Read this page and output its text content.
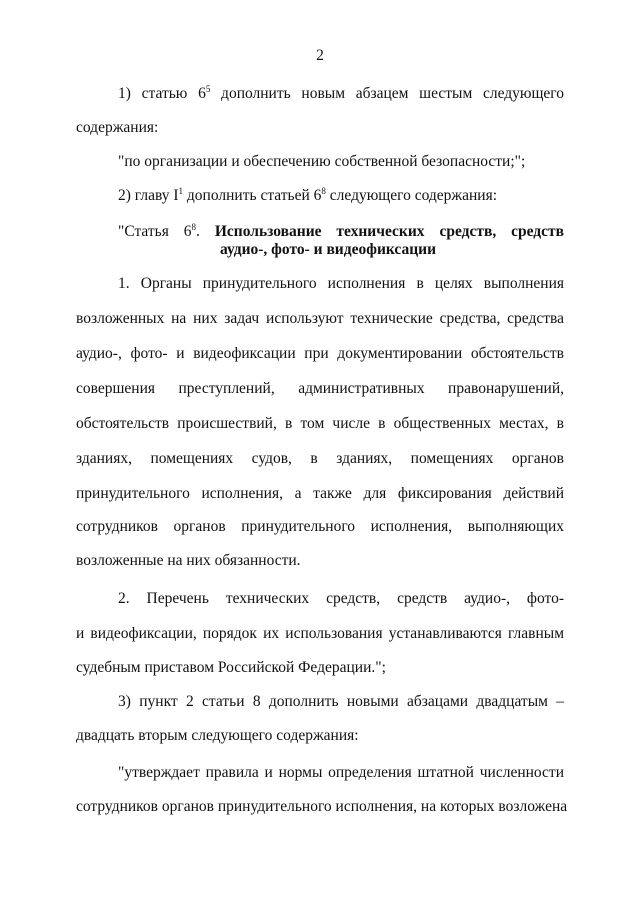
2
1) статью $6^5$ дополнить новым абзацем шестым следующего
содержания:
"по организации и обеспечению собственной безопасности;";
2) главу $I^1$ дополнить статьей $6^8$ следующего содержания:
"Статья $6^8$. Использование технических средств, средств
аудио-, фото- и видеофиксации
1. Органы принудительного исполнения в целях выполнения
возложенных на них задач используют технические средства, средства
аудио-, фото- и видеофиксации при документировании обстоятельств
совершения преступлений, административных правонарушений,
обстоятельств происшествий, в том числе в общественных местах, в
зданиях, помещениях судов, в зданиях, помещениях органов
принудительного исполнения, а также для фиксирования действий
сотрудников органов принудительного исполнения, выполняющих
возложенные на них обязанности.
2. Перечень технических средств, средств аудио-, фото-
и видеофиксации, порядок их использования устанавливаются главным
судебным приставом Российской Федерации.";
3) пункт 2 статьи 8 дополнить новыми абзацами двадцатым –
двадцать вторым следующего содержания:
"утверждает правила и нормы определения штатной численности
сотрудников органов принудительного исполнения, на которых возложена
